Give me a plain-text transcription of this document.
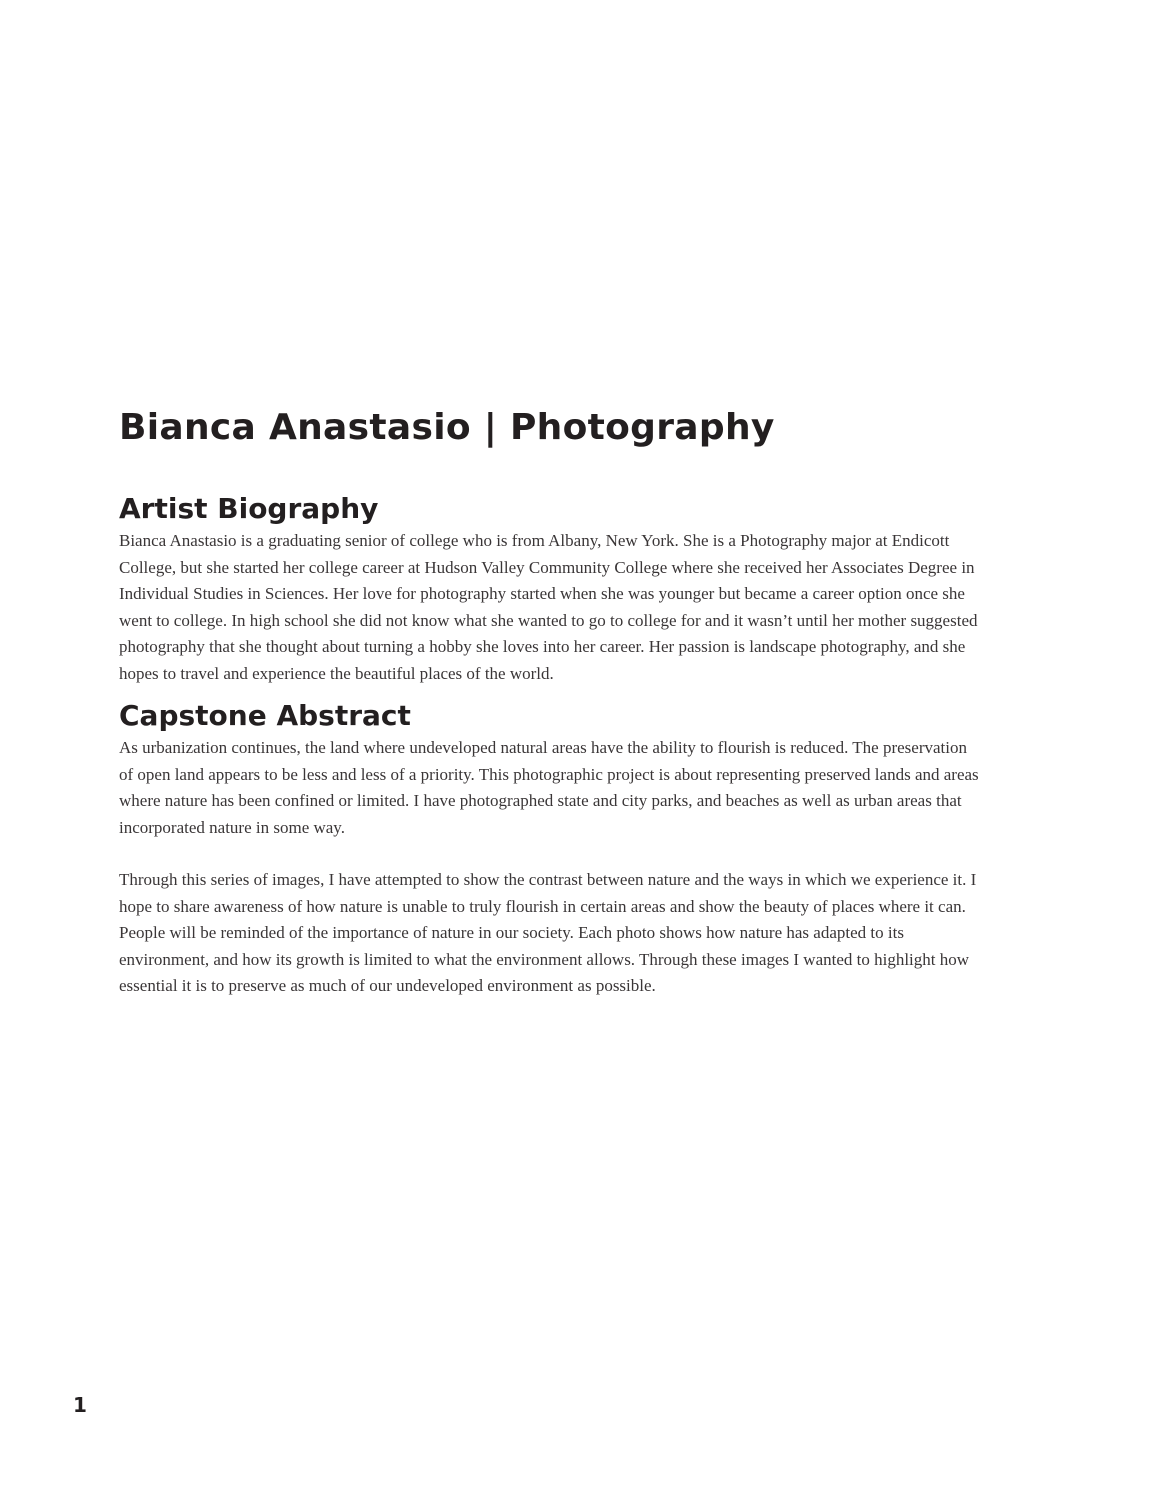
Bianca Anastasio | Photography
Artist Biography

Bianca Anastasio is a graduating senior of college who is from Albany, New York. She is a Photography major at Endicott College, but she started her college career at Hudson Valley Community College where she received her Associates Degree in Individual Studies in Sciences. Her love for photography started when she was younger but became a career option once she went to college. In high school she did not know what she wanted to go to college for and it wasn’t until her mother suggested photography that she thought about turning a hobby she loves into her career. Her passion is landscape photography, and she hopes to travel and experience the beautiful places of the world.

Capstone Abstract

As urbanization continues, the land where undeveloped natural areas have the ability to flourish is reduced. The preservation of open land appears to be less and less of a priority. This photographic project is about representing preserved lands and areas where nature has been confined or limited. I have photographed state and city parks, and beaches as well as urban areas that incorporated nature in some way.

Through this series of images, I have attempted to show the contrast between nature and the ways in which we experience it. I hope to share awareness of how nature is unable to truly flourish in certain areas and show the beauty of places where it can. People will be reminded of the importance of nature in our society. Each photo shows how nature has adapted to its environment, and how its growth is limited to what the environment allows. Through these images I wanted to highlight how essential it is to preserve as much of our undeveloped environment as possible.

1
